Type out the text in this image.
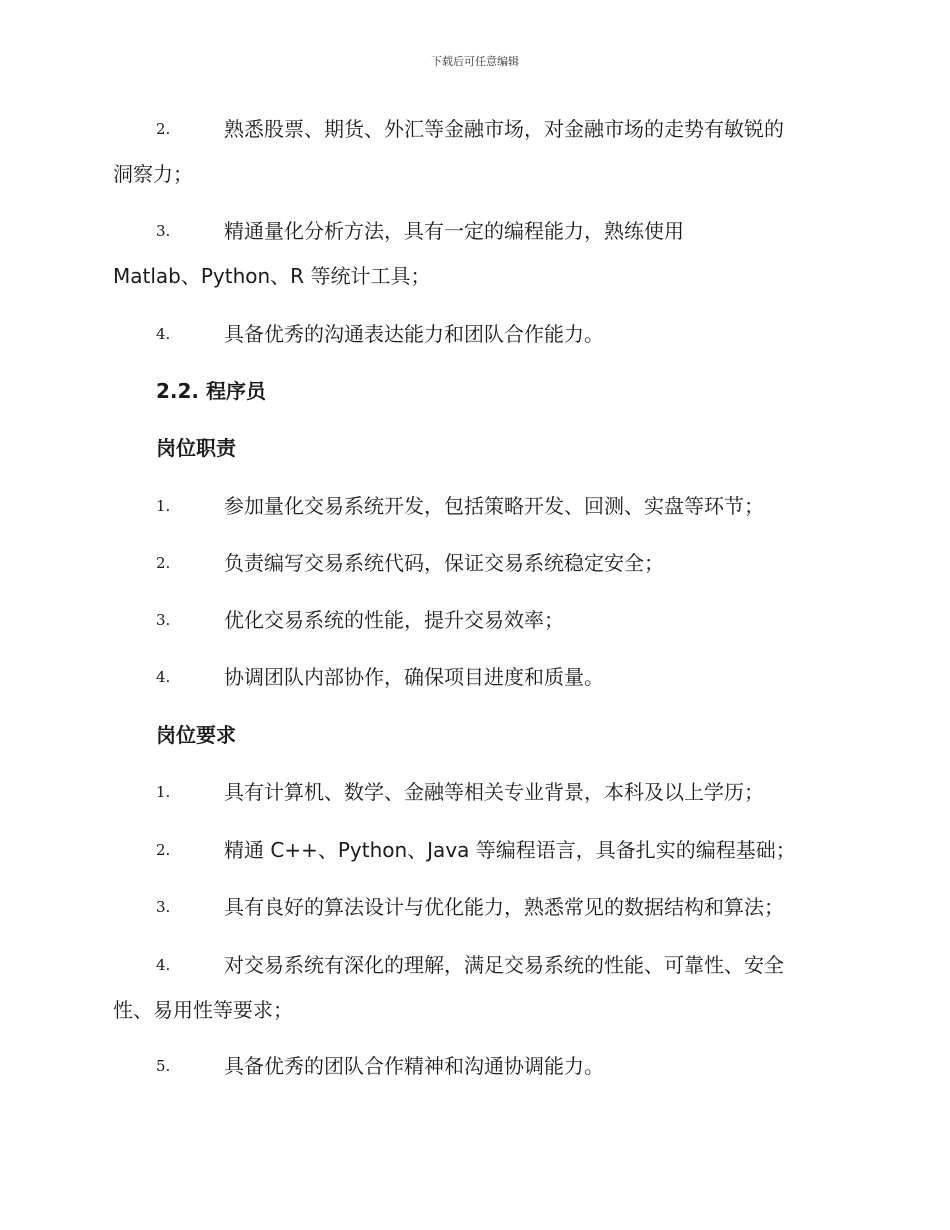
下载后可任意编辑
2.	熟悉股票、期货、外汇等金融市场，对金融市场的走势有敏锐的
洞察力；
3.	精通量化分析方法，具有一定的编程能力，熟练使用
Matlab、Python、R 等统计工具；
4.	具备优秀的沟通表达能力和团队合作能力。
2.2. 程序员
岗位职责
1.	参加量化交易系统开发，包括策略开发、回测、实盘等环节；
2.	负责编写交易系统代码，保证交易系统稳定安全；
3.	优化交易系统的性能，提升交易效率；
4.	协调团队内部协作，确保项目进度和质量。
岗位要求
1.	具有计算机、数学、金融等相关专业背景，本科及以上学历；
2.	精通 C++、Python、Java 等编程语言，具备扎实的编程基础；
3.	具有良好的算法设计与优化能力，熟悉常见的数据结构和算法；
4.	对交易系统有深化的理解，满足交易系统的性能、可靠性、安全
性、易用性等要求；
5.	具备优秀的团队合作精神和沟通协调能力。
